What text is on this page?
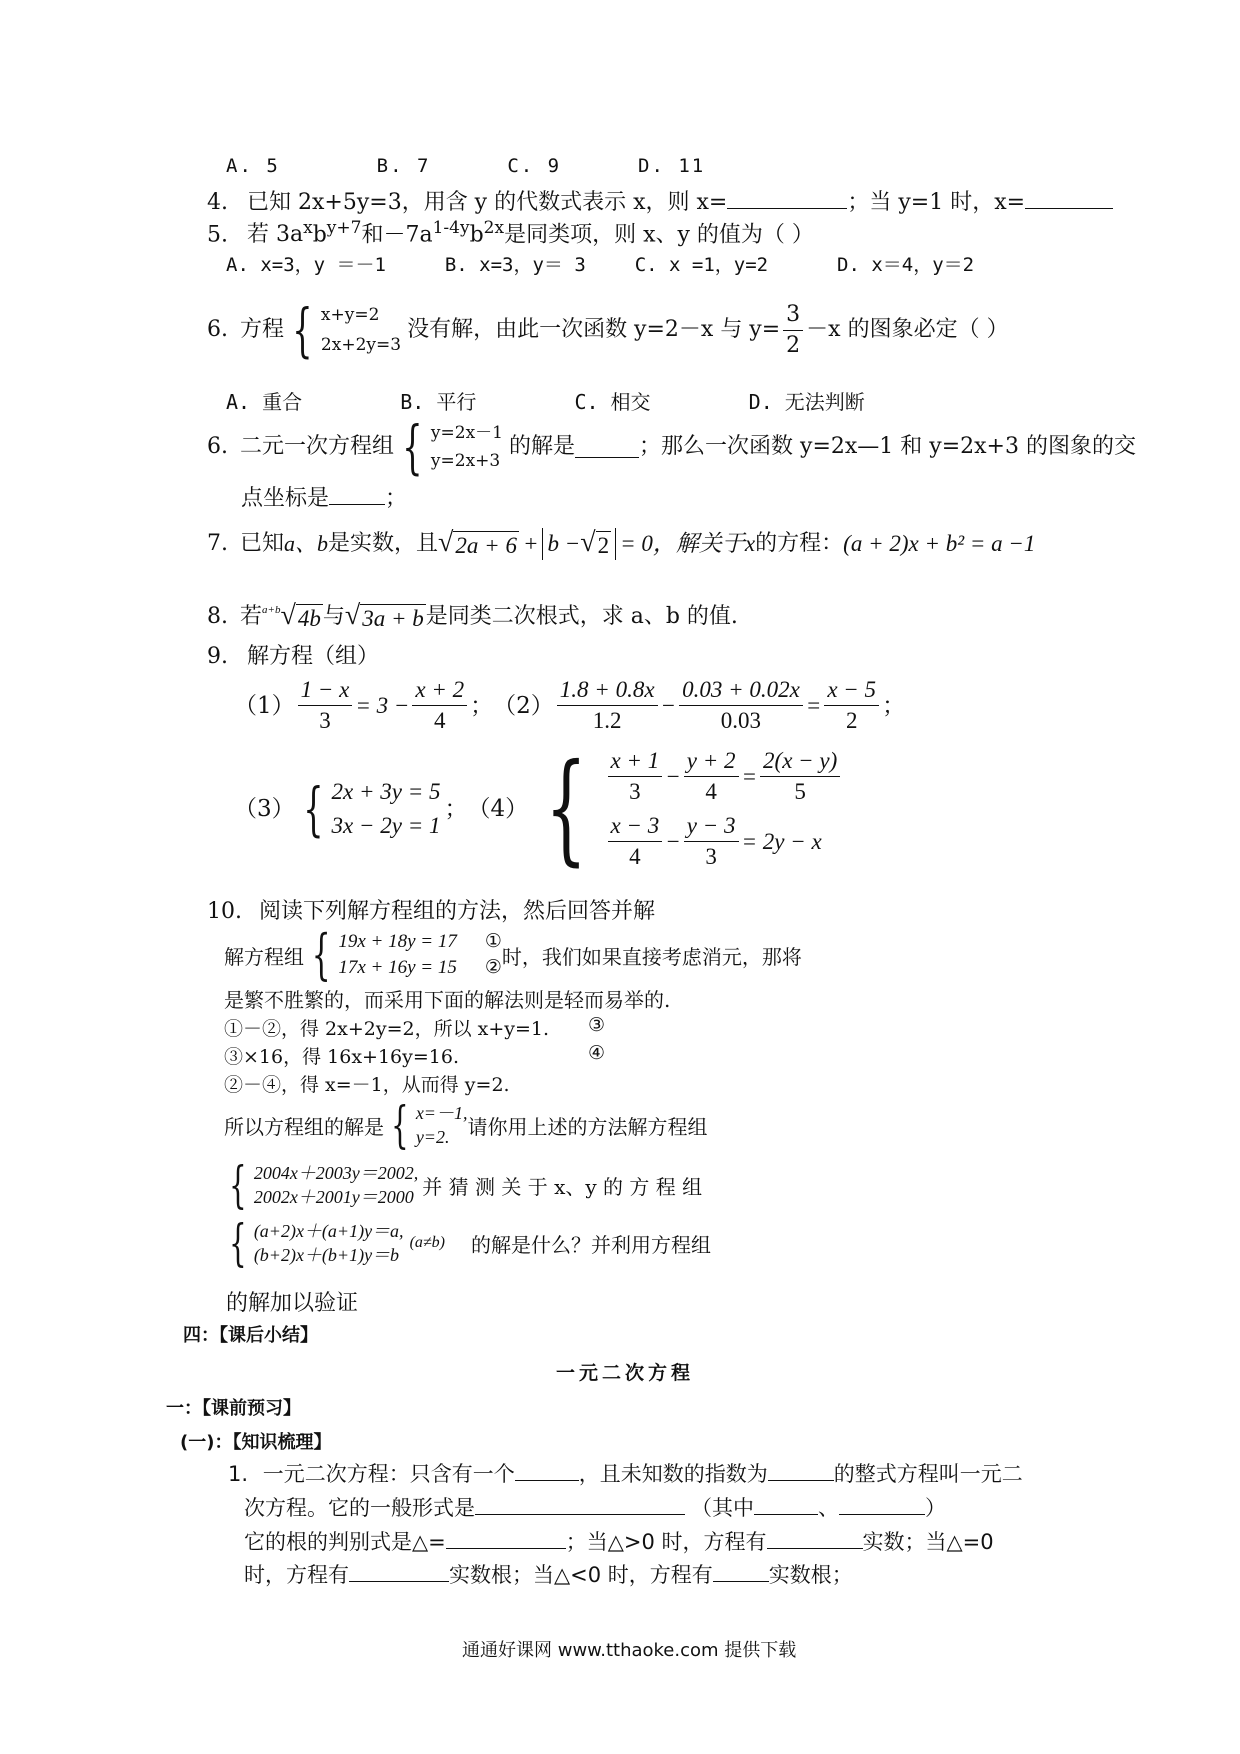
A. 5	B. 7	C. 9	D. 11
4. 已知 2x+5y=3，用含 y 的代数式表示 x，则 x=	；当 y=1 时，x=
5. 若 $3a^xb^{y+7}$和$-7a^{1-4y}b^{2x}$是同类项，则 x、y 的值为（ ）
A. x=3，y ＝－1	B. x=3，y＝ 3	C. x =1，y=2	D. x＝4，y＝2
6. 方程 { x+y=2
2x+2y=3
没有解，由此一次函数 y=2－x 与 $y= \frac{3}{2} -x$ 的图象必定（ ）
A. 重合	B. 平行	C. 相交	D. 无法判断
6. 二元一次方程组 { y=2x－1
y=2x+3
的解是	；那么一次函数 y=2x—1 和 y=2x+3 的图象的交
点坐标是	；
7. 已知 a、b 是实数，且 √ 2a + 6 + b − √ 2 = 0，解关于 x 的方程： (a + 2)x + b² = a −1
8. 若 a+b √ 4b 与 √ 3a + b 是同类二次根式，求 a、b 的值.
9. 解方程（组）
$(1) \frac{1 - x}{3} = 3 - \frac{x + 2}{4}$ ； $(2) \frac{1.8 + 0.8x}{1.2} - \frac{0.03 + 0.02x}{0.03} = \frac{x - 5}{2}$ ；
（3） { 2x + 3y = 5
3x − 2y = 1
； （4） { $\frac{x + 1}{3} - \frac{y + 2}{4} = \frac{2(x - y)}{5}$
$\frac{x - 3}{4} - \frac{y - 3}{3} = 2y - x$
10. 阅读下列解方程组的方法，然后回答并解
解方程组 { 19x + 18y = 17 ①
17x + 16y = 15 ② 时，我们如果直接考虑消元，那将
是繁不胜繁的，而采用下面的解法则是轻而易举的.
①－②，得 2x+2y=2，所以 x+y=1. ③
③×16，得 16x+16y=16.	④
②－④，得 x=－1，从而得 y=2.
所以方程组的解是 { x=－1,
y=2. 请你用上述的方法解方程组
{ 2004x＋2003y＝2002,
2002x＋2001y＝2000 并 猜 测 关 于 x、y 的 方 程 组
{ (a+2)x＋(a+1)y＝a,
(b+2)x＋(b+1)y＝b
(a≠b) 的解是什么？并利用方程组
的解加以验证
四：【课后小结】
一元二次方程
一：【课前预习】
(一)：【知识梳理】
1. 一元二次方程：只含有一个	，且未知数的指数为	的整式方程叫一元二
次方程。它的一般形式是	（其中	、	）
它的根的判别式是△=	；当△>0 时，方程有	实数；当△=0
时，方程有	实数根；当△<0 时，方程有	实数根；
通通好课网 www.tthaoke.com 提供下载
